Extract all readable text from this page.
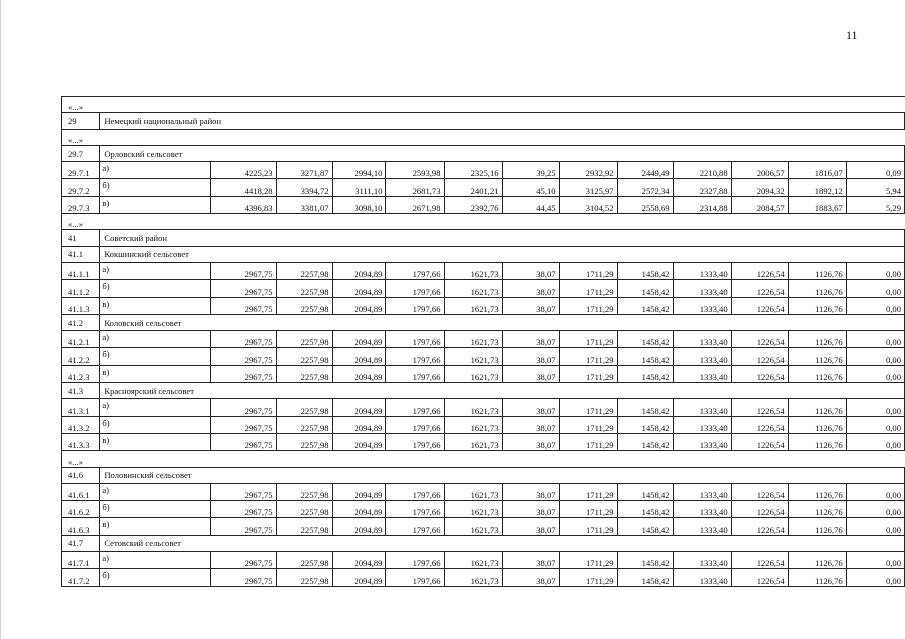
11
«...»													
29	Немецкий национальный район												
«...»													
29.7	Орловский сельсовет												
29.7.1	а)	4225,23	3271,87	2994,10	2593,98	2325,16	39,25	2932,92	2449,49	2210,88	2006,57	1816,07	0,09
29.7.2	б)	4418,28	3394,72	3111,10	2681,73	2401,21	45,10	3125,97	2572,34	2327,88	2094,32	1892,12	5,94
29.7.3	в)	4396,83	3381,07	3098,10	2671,98	2392,76	44,45	3104,52	2558,69	2314,88	2084,57	1883,67	5,29
«...»													
41	Советский район												
41.1	Кокшинский сельсовет												
41.1.1	а)	2967,75	2257,98	2094,89	1797,66	1621,73	38,07	1711,29	1458,42	1333,40	1226,54	1126,76	0,00
41.1.2	б)	2967,75	2257,98	2094,89	1797,66	1621,73	38,07	1711,29	1458,42	1333,40	1226,54	1126,76	0,00
41.1.3	в)	2967,75	2257,98	2094,89	1797,66	1621,73	38,07	1711,29	1458,42	1333,40	1226,54	1126,76	0,00
41.2	Коловский сельсовет												
41.2.1	а)	2967,75	2257,98	2094,89	1797,66	1621,73	38,07	1711,29	1458,42	1333,40	1226,54	1126,76	0,00
41.2.2	б)	2967,75	2257,98	2094,89	1797,66	1621,73	38,07	1711,29	1458,42	1333,40	1226,54	1126,76	0,00
41.2.3	в)	2967,75	2257,98	2094,89	1797,66	1621,73	38,07	1711,29	1458,42	1333,40	1226,54	1126,76	0,00
41.3	Красноярский сельсовет												
41.3.1	а)	2967,75	2257,98	2094,89	1797,66	1621,73	38,07	1711,29	1458,42	1333,40	1226,54	1126,76	0,00
41.3.2	б)	2967,75	2257,98	2094,89	1797,66	1621,73	38,07	1711,29	1458,42	1333,40	1226,54	1126,76	0,00
41.3.3	в)	2967,75	2257,98	2094,89	1797,66	1621,73	38,07	1711,29	1458,42	1333,40	1226,54	1126,76	0,00
«...»													
41.6	Половинский сельсовет												
41.6.1	а)	2967,75	2257,98	2094,89	1797,66	1621,73	38,07	1711,29	1458,42	1333,40	1226,54	1126,76	0,00
41.6.2	б)	2967,75	2257,98	2094,89	1797,66	1621,73	38,07	1711,29	1458,42	1333,40	1226,54	1126,76	0,00
41.6.3	в)	2967,75	2257,98	2094,89	1797,66	1621,73	38,07	1711,29	1458,42	1333,40	1226,54	1126,76	0,00
41.7	Сетовский сельсовет												
41.7.1	а)	2967,75	2257,98	2094,89	1797,66	1621,73	38,07	1711,29	1458,42	1333,40	1226,54	1126,76	0,00
41.7.2	б)	2967,75	2257,98	2094,89	1797,66	1621,73	38,07	1711,29	1458,42	1333,40	1226,54	1126,76	0,00
